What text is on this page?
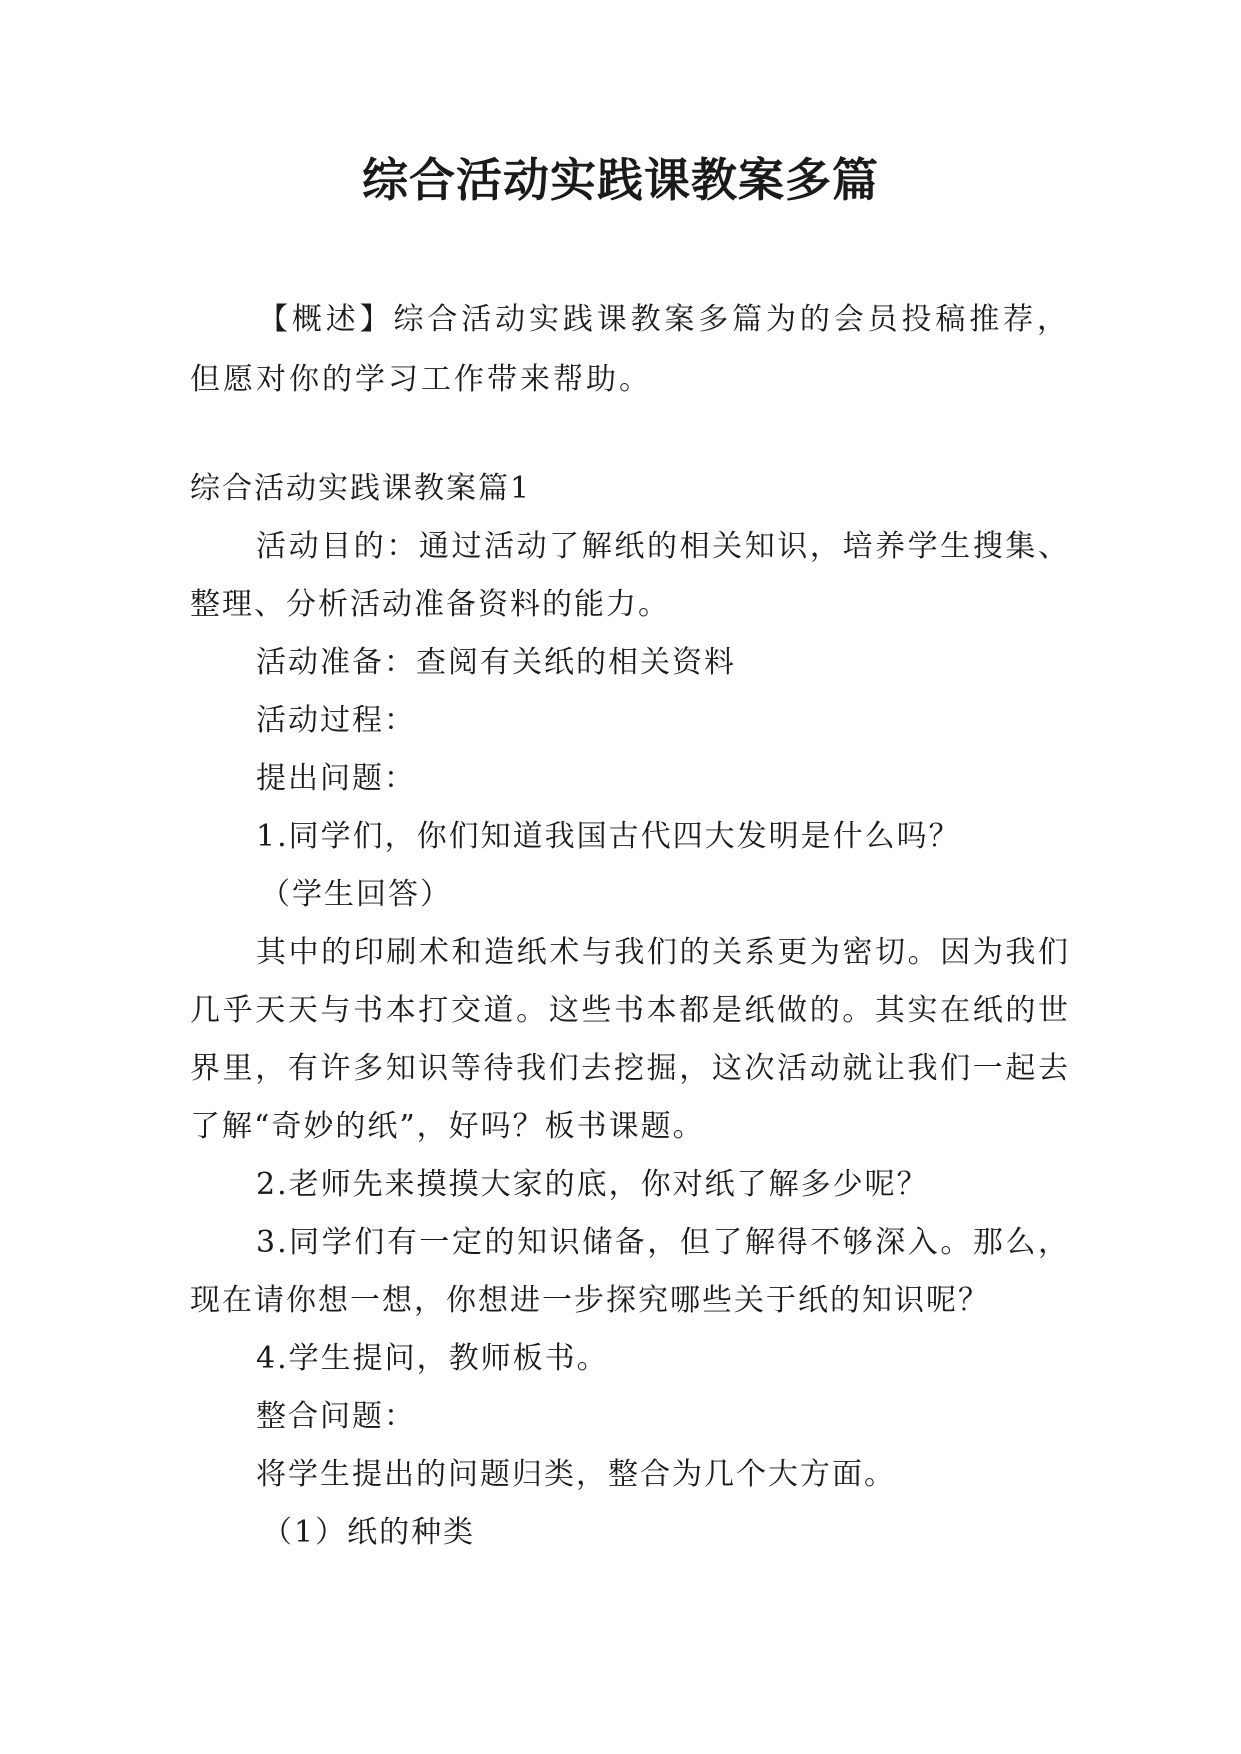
综合活动实践课教案多篇

【概述】综合活动实践课教案多篇为的会员投稿推荐，但愿对你的学习工作带来帮助。

综合活动实践课教案篇1

活动目的：通过活动了解纸的相关知识，培养学生搜集、整理、分析活动准备资料的能力。

活动准备：查阅有关纸的相关资料

活动过程：

提出问题：

1.同学们，你们知道我国古代四大发明是什么吗？

（学生回答）

其中的印刷术和造纸术与我们的关系更为密切。因为我们几乎天天与书本打交道。这些书本都是纸做的。其实在纸的世界里，有许多知识等待我们去挖掘，这次活动就让我们一起去了解“奇妙的纸”，好吗？板书课题。

2.老师先来摸摸大家的底，你对纸了解多少呢？

3.同学们有一定的知识储备，但了解得不够深入。那么，现在请你想一想，你想进一步探究哪些关于纸的知识呢？

4.学生提问，教师板书。

整合问题：

将学生提出的问题归类，整合为几个大方面。

（1）纸的种类
